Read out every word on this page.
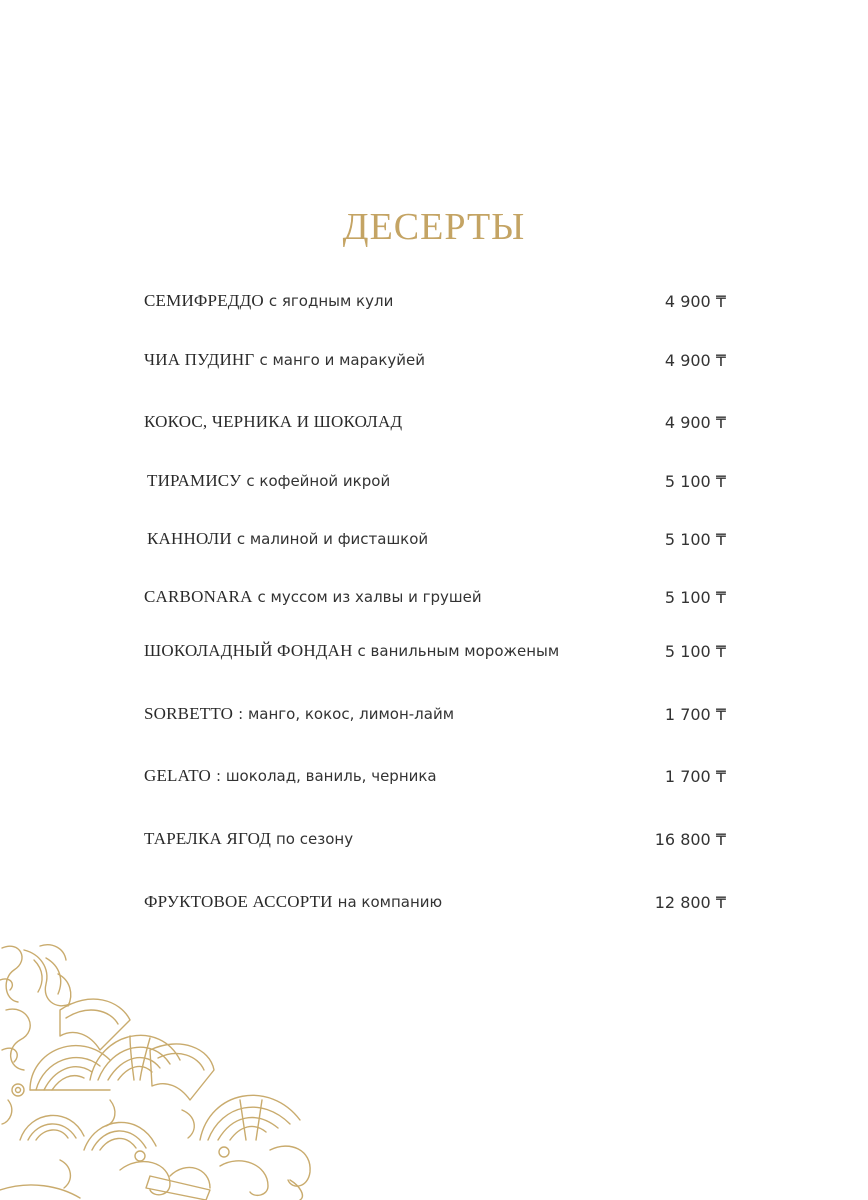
ДЕСЕРТЫ
СЕМИФРЕДДО с ягодным кули	4 900 ₸
ЧИА ПУДИНГ с манго и маракуйей	4 900 ₸
КОКОС, ЧЕРНИКА И ШОКОЛАД	4 900 ₸
ТИРАМИСУ с кофейной икрой	5 100 ₸
КАННОЛИ с малиной и фисташкой	5 100 ₸
CARBONARA с муссом из халвы и грушей	5 100 ₸
ШОКОЛАДНЫЙ ФОНДАН с ванильным мороженым	5 100 ₸
SORBETTO : манго, кокос, лимон-лайм	1 700 ₸
GELATO : шоколад, ваниль, черника	1 700 ₸
ТАРЕЛКА ЯГОД по сезону	16 800 ₸
ФРУКТОВОЕ АССОРТИ на компанию	12 800 ₸
